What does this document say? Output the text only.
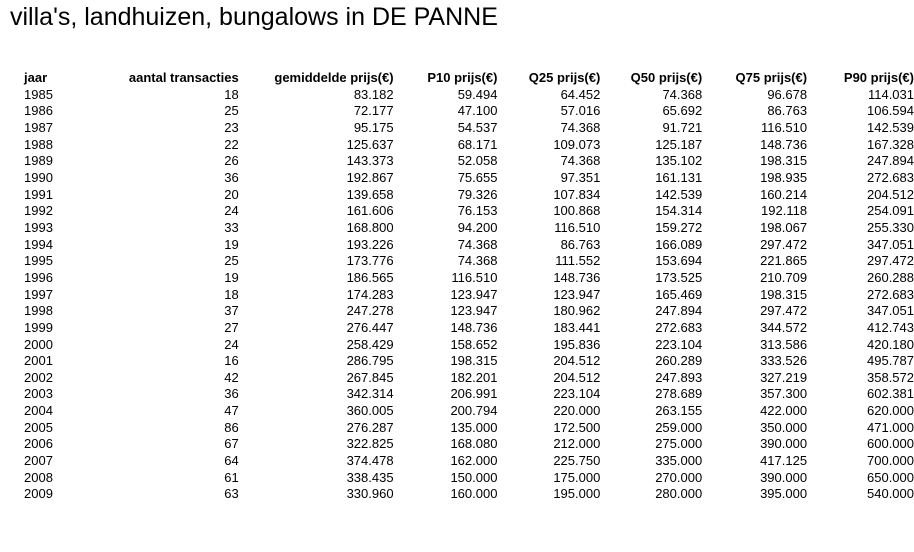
villa's, landhuizen, bungalows in DE PANNE
jaar	aantal transacties	gemiddelde prijs(€)	P10 prijs(€)	Q25 prijs(€)	Q50 prijs(€)	Q75 prijs(€)	P90 prijs(€)
1985	18	83.182	59.494	64.452	74.368	96.678	114.031
1986	25	72.177	47.100	57.016	65.692	86.763	106.594
1987	23	95.175	54.537	74.368	91.721	116.510	142.539
1988	22	125.637	68.171	109.073	125.187	148.736	167.328
1989	26	143.373	52.058	74.368	135.102	198.315	247.894
1990	36	192.867	75.655	97.351	161.131	198.935	272.683
1991	20	139.658	79.326	107.834	142.539	160.214	204.512
1992	24	161.606	76.153	100.868	154.314	192.118	254.091
1993	33	168.800	94.200	116.510	159.272	198.067	255.330
1994	19	193.226	74.368	86.763	166.089	297.472	347.051
1995	25	173.776	74.368	111.552	153.694	221.865	297.472
1996	19	186.565	116.510	148.736	173.525	210.709	260.288
1997	18	174.283	123.947	123.947	165.469	198.315	272.683
1998	37	247.278	123.947	180.962	247.894	297.472	347.051
1999	27	276.447	148.736	183.441	272.683	344.572	412.743
2000	24	258.429	158.652	195.836	223.104	313.586	420.180
2001	16	286.795	198.315	204.512	260.289	333.526	495.787
2002	42	267.845	182.201	204.512	247.893	327.219	358.572
2003	36	342.314	206.991	223.104	278.689	357.300	602.381
2004	47	360.005	200.794	220.000	263.155	422.000	620.000
2005	86	276.287	135.000	172.500	259.000	350.000	471.000
2006	67	322.825	168.080	212.000	275.000	390.000	600.000
2007	64	374.478	162.000	225.750	335.000	417.125	700.000
2008	61	338.435	150.000	175.000	270.000	390.000	650.000
2009	63	330.960	160.000	195.000	280.000	395.000	540.000
